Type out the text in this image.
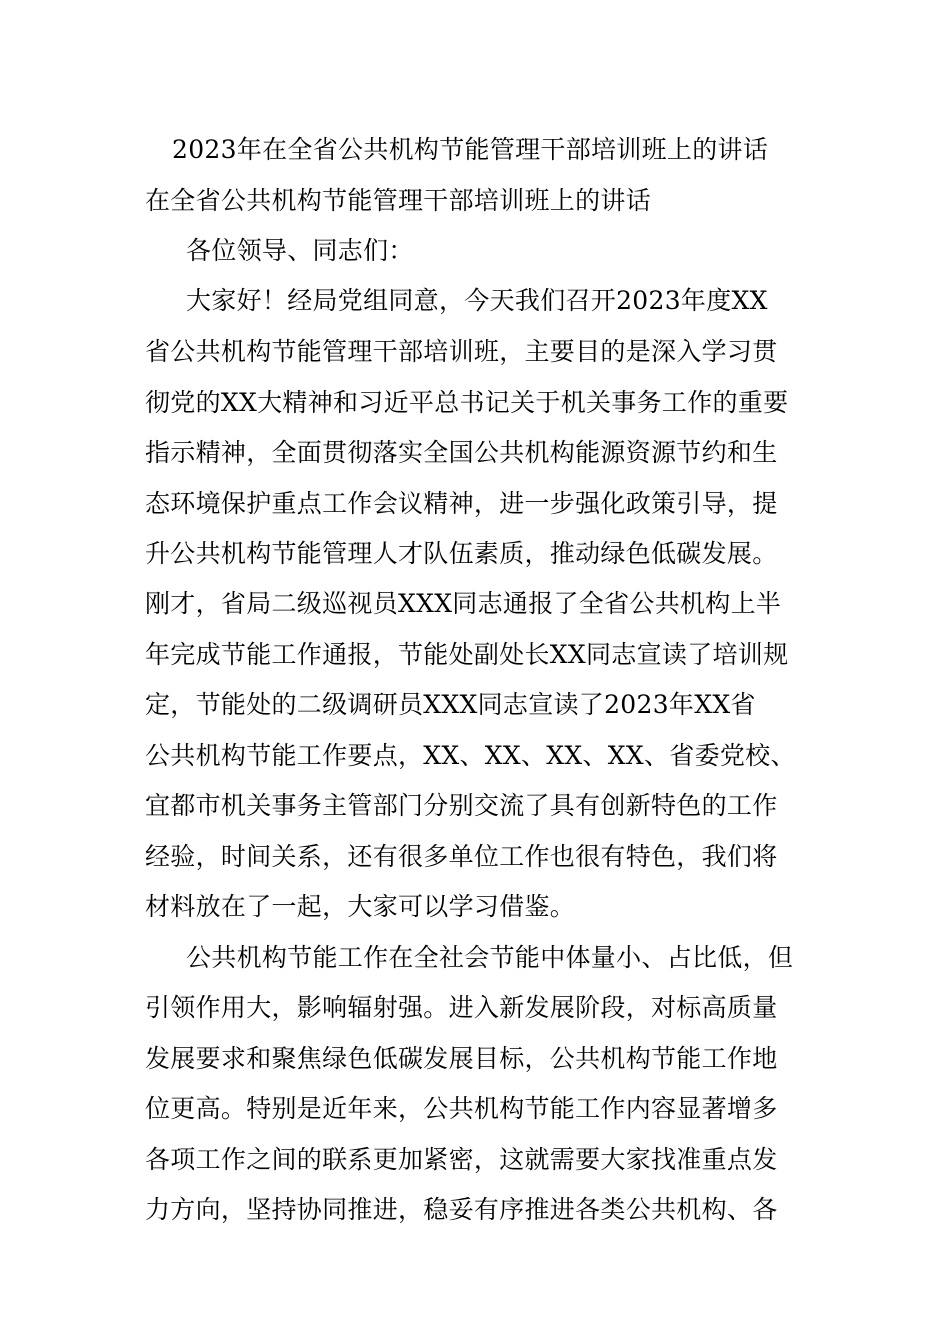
2023年在全省公共机构节能管理干部培训班上的讲话
在全省公共机构节能管理干部培训班上的讲话
各位领导、同志们：
大家好！经局党组同意，今天我们召开2023年度XX
省公共机构节能管理干部培训班，主要目的是深入学习贯
彻党的XX大精神和习近平总书记关于机关事务工作的重要
指示精神，全面贯彻落实全国公共机构能源资源节约和生
态环境保护重点工作会议精神，进一步强化政策引导，提
升公共机构节能管理人才队伍素质，推动绿色低碳发展。
刚才，省局二级巡视员XXX同志通报了全省公共机构上半
年完成节能工作通报，节能处副处长XX同志宣读了培训规
定，节能处的二级调研员XXX同志宣读了2023年XX省
公共机构节能工作要点，XX、XX、XX、XX、省委党校、
宜都市机关事务主管部门分别交流了具有创新特色的工作
经验，时间关系，还有很多单位工作也很有特色，我们将
材料放在了一起，大家可以学习借鉴。
公共机构节能工作在全社会节能中体量小、占比低，但
引领作用大，影响辐射强。进入新发展阶段，对标高质量
发展要求和聚焦绿色低碳发展目标，公共机构节能工作地
位更高。特别是近年来，公共机构节能工作内容显著增多
各项工作之间的联系更加紧密，这就需要大家找准重点发
力方向，坚持协同推进，稳妥有序推进各类公共机构、各
